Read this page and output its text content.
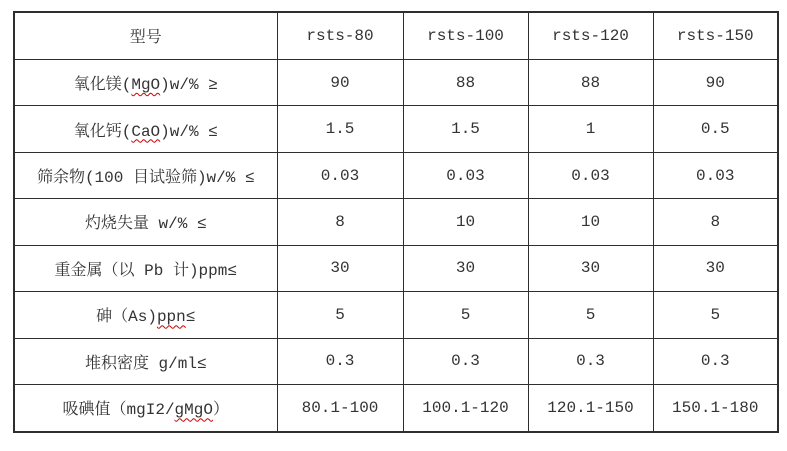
型号	rsts-80	rsts-100	rsts-120	rsts-150
氧化镁(MgO)w/% ≥	90	88	88	90
氧化钙(CaO)w/% ≤	1.5	1.5	1	0.5
筛余物(100 目试验筛)w/% ≤	0.03	0.03	0.03	0.03
灼烧失量 w/% ≤	8	10	10	8
重金属（以 Pb 计)ppm≤	30	30	30	30
砷（As)ppn≤	5	5	5	5
堆积密度 g/ml≤	0.3	0.3	0.3	0.3
吸碘值（mgI2/gMgO）	80.1-100	100.1-120	120.1-150	150.1-180
